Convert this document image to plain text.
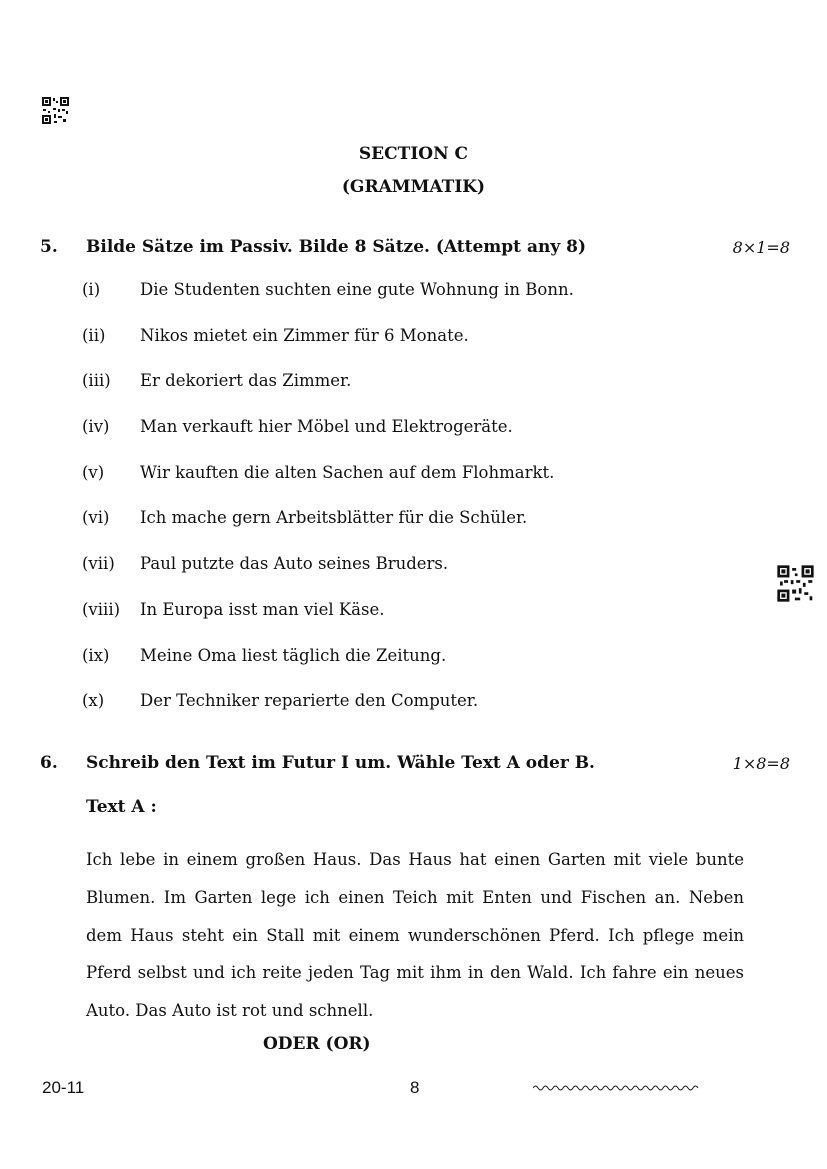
SECTION C
(GRAMMATIK)
5. Bilde Sätze im Passiv. Bilde 8 Sätze. (Attempt any 8)	8×1=8
(i) Die Studenten suchten eine gute Wohnung in Bonn.
(ii) Nikos mietet ein Zimmer für 6 Monate.
(iii) Er dekoriert das Zimmer.
(iv) Man verkauft hier Möbel und Elektrogeräte.
(v) Wir kauften die alten Sachen auf dem Flohmarkt.
(vi) Ich mache gern Arbeitsblätter für die Schüler.
(vii) Paul putzte das Auto seines Bruders.
(viii) In Europa isst man viel Käse.
(ix) Meine Oma liest täglich die Zeitung.
(x) Der Techniker reparierte den Computer.
6. Schreib den Text im Futur I um. Wähle Text A oder B.	1×8=8
Text A :

Ich lebe in einem großen Haus. Das Haus hat einen Garten mit viele bunte Blumen. Im Garten lege ich einen Teich mit Enten und Fischen an. Neben dem Haus steht ein Stall mit einem wunderschönen Pferd. Ich pflege mein Pferd selbst und ich reite jeden Tag mit ihm in den Wald. Ich fahre ein neues Auto. Das Auto ist rot und schnell.

ODER (OR)
20-11	8
